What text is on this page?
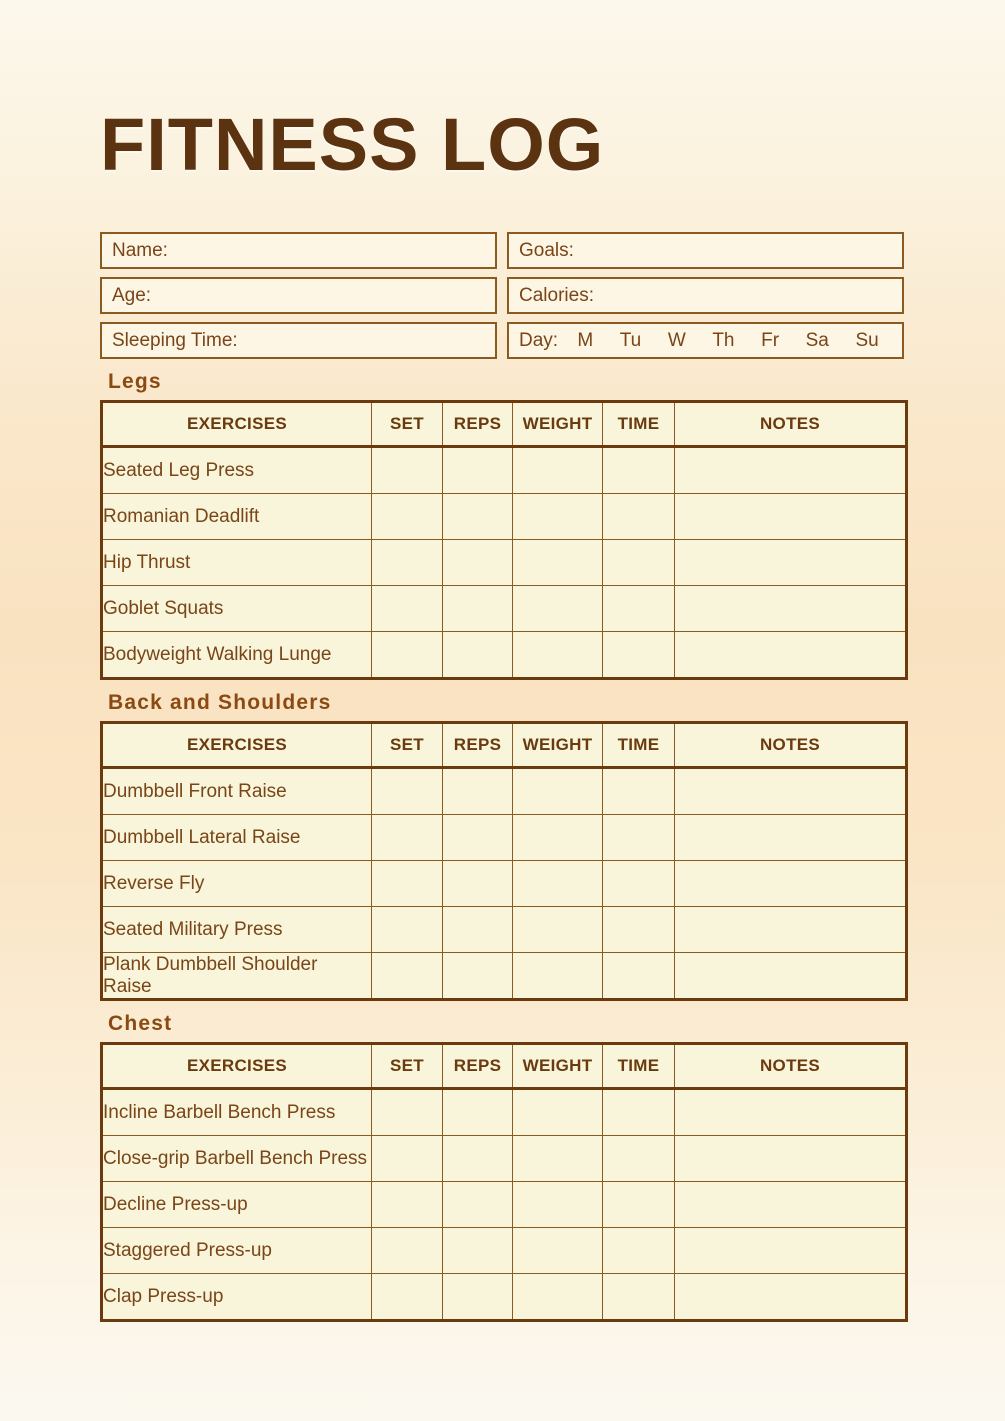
FITNESS LOG
Name:
Age:
Sleeping Time:
Goals:
Calories:
Day: M Tu W Th Fr Sa Su
Legs
EXERCISES	SET	REPS	WEIGHT	TIME	NOTES
Seated Leg Press					
Romanian Deadlift					
Hip Thrust					
Goblet Squats					
Bodyweight Walking Lunge					
Back and Shoulders
EXERCISES	SET	REPS	WEIGHT	TIME	NOTES
Dumbbell Front Raise					
Dumbbell Lateral Raise					
Reverse Fly					
Seated Military Press					
Plank Dumbbell Shoulder Raise					
Chest
EXERCISES	SET	REPS	WEIGHT	TIME	NOTES
Incline Barbell Bench Press					
Close-grip Barbell Bench Press					
Decline Press-up					
Staggered Press-up					
Clap Press-up					
